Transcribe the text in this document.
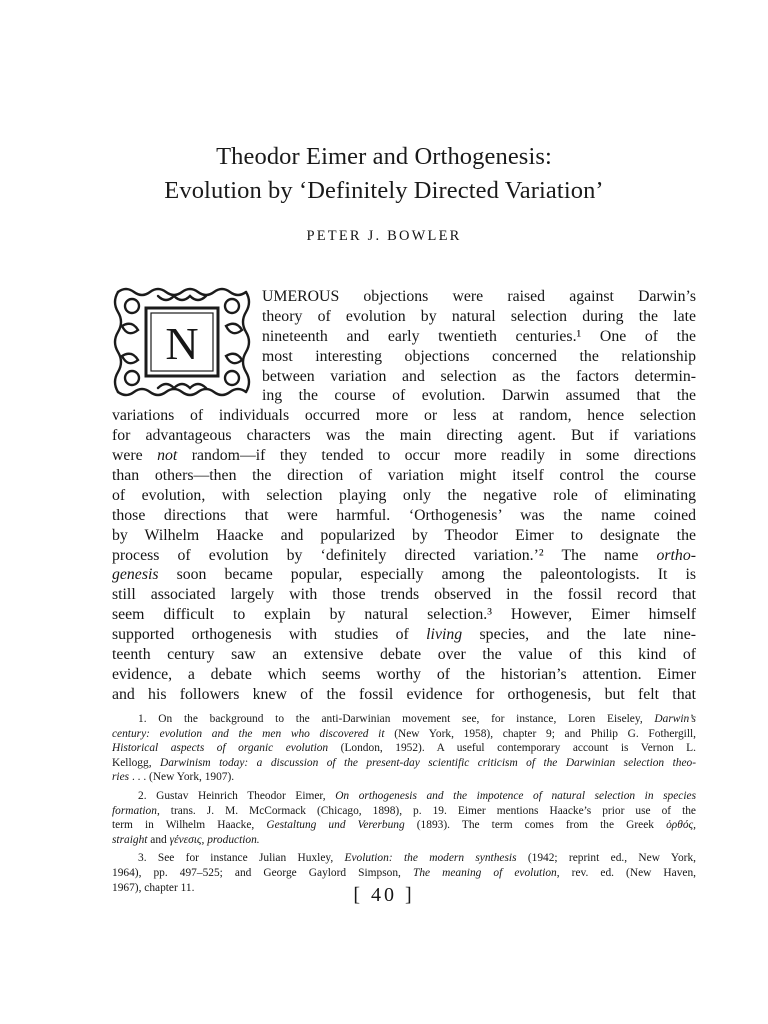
Theodor Eimer and Orthogenesis:
Evolution by ‘Definitely Directed Variation’
PETER J. BOWLER
N
UMEROUS objections were raised against Darwin’s
theory of evolution by natural selection during the late
nineteenth and early twentieth centuries.¹ One of the
most interesting objections concerned the relationship
between variation and selection as the factors determin-
ing the course of evolution. Darwin assumed that the
variations of individuals occurred more or less at random, hence selection
for advantageous characters was the main directing agent. But if variations
were not random—if they tended to occur more readily in some directions
than others—then the direction of variation might itself control the course
of evolution, with selection playing only the negative role of eliminating
those directions that were harmful. ‘Orthogenesis’ was the name coined
by Wilhelm Haacke and popularized by Theodor Eimer to designate the
process of evolution by ‘definitely directed variation.’² The name ortho-
genesis soon became popular, especially among the paleontologists. It is
still associated largely with those trends observed in the fossil record that
seem difficult to explain by natural selection.³ However, Eimer himself
supported orthogenesis with studies of living species, and the late nine-
teenth century saw an extensive debate over the value of this kind of
evidence, a debate which seems worthy of the historian’s attention. Eimer
and his followers knew of the fossil evidence for orthogenesis, but felt that
1. On the background to the anti-Darwinian movement see, for instance, Loren Eiseley, Darwin’s
century: evolution and the men who discovered it (New York, 1958), chapter 9; and Philip G. Fothergill,
Historical aspects of organic evolution (London, 1952). A useful contemporary account is Vernon L.
Kellogg, Darwinism today: a discussion of the present-day scientific criticism of the Darwinian selection theo-
ries . . . (New York, 1907).
2. Gustav Heinrich Theodor Eimer, On orthogenesis and the impotence of natural selection in species
formation, trans. J. M. McCormack (Chicago, 1898), p. 19. Eimer mentions Haacke’s prior use of the
term in Wilhelm Haacke, Gestaltung und Vererbung (1893). The term comes from the Greek ὀρθός,
straight and γένεσις, production.
3. See for instance Julian Huxley, Evolution: the modern synthesis (1942; reprint ed., New York,
1964), pp. 497–525; and George Gaylord Simpson, The meaning of evolution, rev. ed. (New Haven,
1967), chapter 11.	[ 40 ]
